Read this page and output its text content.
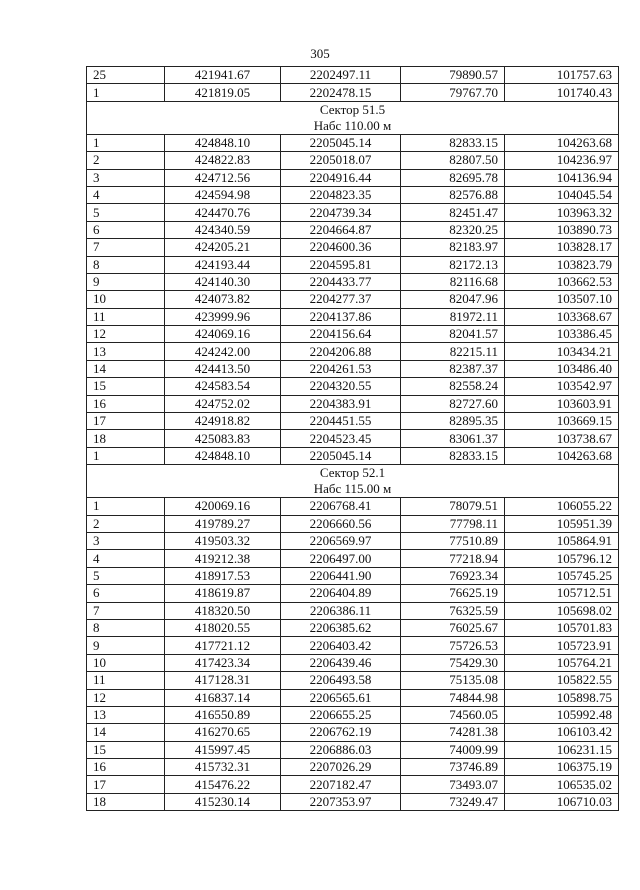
305
25	421941.67	2202497.11	79890.57	101757.63
1	421819.05	2202478.15	79767.70	101740.43

Сектор 51.5
Набс 110.00 м				

1	424848.10	2205045.14	82833.15	104263.68
2	424822.83	2205018.07	82807.50	104236.97
3	424712.56	2204916.44	82695.78	104136.94
4	424594.98	2204823.35	82576.88	104045.54
5	424470.76	2204739.34	82451.47	103963.32
6	424340.59	2204664.87	82320.25	103890.73
7	424205.21	2204600.36	82183.97	103828.17
8	424193.44	2204595.81	82172.13	103823.79
9	424140.30	2204433.77	82116.68	103662.53
10	424073.82	2204277.37	82047.96	103507.10
11	423999.96	2204137.86	81972.11	103368.67
12	424069.16	2204156.64	82041.57	103386.45
13	424242.00	2204206.88	82215.11	103434.21
14	424413.50	2204261.53	82387.37	103486.40
15	424583.54	2204320.55	82558.24	103542.97
16	424752.02	2204383.91	82727.60	103603.91
17	424918.82	2204451.55	82895.35	103669.15
18	425083.83	2204523.45	83061.37	103738.67
1	424848.10	2205045.14	82833.15	104263.68

Сектор 52.1
Набс 115.00 м				

1	420069.16	2206768.41	78079.51	106055.22
2	419789.27	2206660.56	77798.11	105951.39
3	419503.32	2206569.97	77510.89	105864.91
4	419212.38	2206497.00	77218.94	105796.12
5	418917.53	2206441.90	76923.34	105745.25
6	418619.87	2206404.89	76625.19	105712.51
7	418320.50	2206386.11	76325.59	105698.02
8	418020.55	2206385.62	76025.67	105701.83
9	417721.12	2206403.42	75726.53	105723.91
10	417423.34	2206439.46	75429.30	105764.21
11	417128.31	2206493.58	75135.08	105822.55
12	416837.14	2206565.61	74844.98	105898.75
13	416550.89	2206655.25	74560.05	105992.48
14	416270.65	2206762.19	74281.38	106103.42
15	415997.45	2206886.03	74009.99	106231.15
16	415732.31	2207026.29	73746.89	106375.19
17	415476.22	2207182.47	73493.07	106535.02
18	415230.14	2207353.97	73249.47	106710.03
